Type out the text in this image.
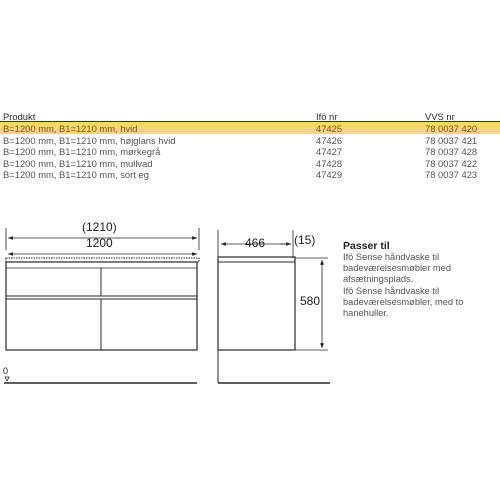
Produkt	Ifö nr	VVS nr
B=1200 mm, B1=1210 mm, hvid	47425	78 0037 420
B=1200 mm, B1=1210 mm, højglans hvid	47426	78 0037 421
B=1200 mm, B1=1210 mm, mørkegrå	47427	78 0037 428
B=1200 mm, B1=1210 mm, mullvad	47428	78 0037 422
B=1200 mm, B1=1210 mm, sort eg	47429	78 0037 423
(1210)
1200
0
466 (15)
580
Passer til
Ifö Sense håndvaske til
badeværelsesmøbler med
afsætningsplads.
Ifö Sense håndvaske til
badeværelsesmøbler, med to
hanehuller.
